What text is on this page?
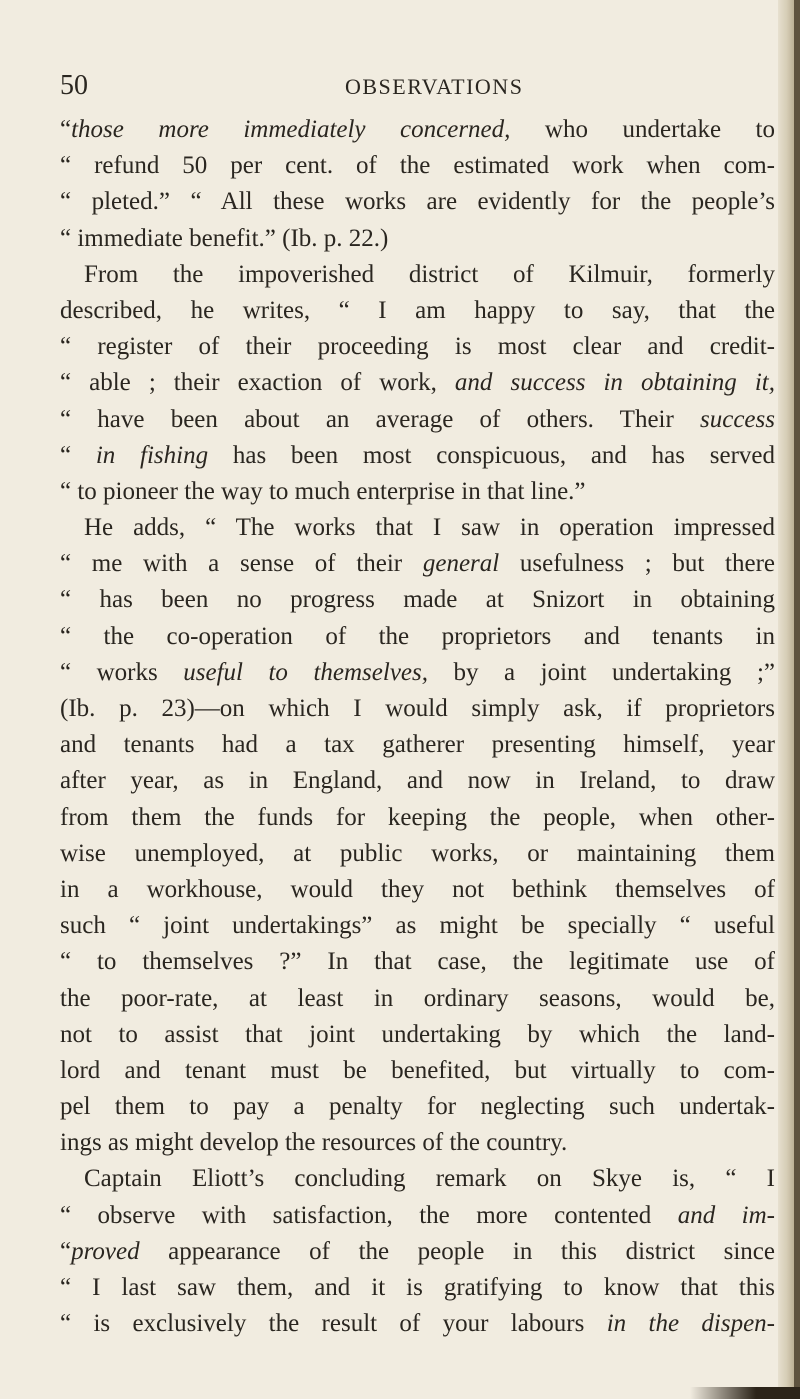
50	OBSERVATIONS
“those more immediately concerned, who undertake to
“ refund 50 per cent. of the estimated work when com-
“ pleted.” “ All these works are evidently for the people’s
“ immediate benefit.” (Ib. p. 22.)
From the impoverished district of Kilmuir, formerly
described, he writes, “ I am happy to say, that the
“ register of their proceeding is most clear and credit-
“ able ; their exaction of work, and success in obtaining it,
“ have been about an average of others. Their success
“ in fishing has been most conspicuous, and has served
“ to pioneer the way to much enterprise in that line.”
He adds, “ The works that I saw in operation impressed
“ me with a sense of their general usefulness ; but there
“ has been no progress made at Snizort in obtaining
“ the co-operation of the proprietors and tenants in
“ works useful to themselves, by a joint undertaking ;”
(Ib. p. 23)—on which I would simply ask, if proprietors
and tenants had a tax gatherer presenting himself, year
after year, as in England, and now in Ireland, to draw
from them the funds for keeping the people, when other-
wise unemployed, at public works, or maintaining them
in a workhouse, would they not bethink themselves of
such “ joint undertakings” as might be specially “ useful
“ to themselves ?” In that case, the legitimate use of
the poor-rate, at least in ordinary seasons, would be,
not to assist that joint undertaking by which the land-
lord and tenant must be benefited, but virtually to com-
pel them to pay a penalty for neglecting such undertak-
ings as might develop the resources of the country.
Captain Eliott’s concluding remark on Skye is, “ I
“ observe with satisfaction, the more contented and im-
“proved appearance of the people in this district since
“ I last saw them, and it is gratifying to know that this
“ is exclusively the result of your labours in the dispen-
